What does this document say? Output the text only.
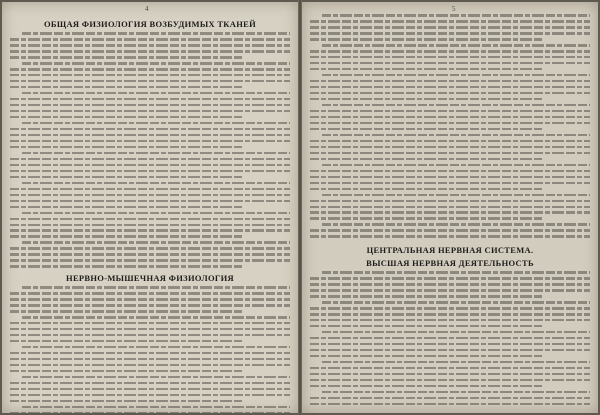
4
ОБЩАЯ ФИЗИОЛОГИЯ ВОЗБУДИМЫХ ТКАНЕЙ
НЕРВНО-МЫШЕЧНАЯ ФИЗИОЛОГИЯ
5
ЦЕНТРАЛЬНАЯ НЕРВНАЯ СИСТЕМА.
ВЫСШАЯ НЕРВНАЯ ДЕЯТЕЛЬНОСТЬ
